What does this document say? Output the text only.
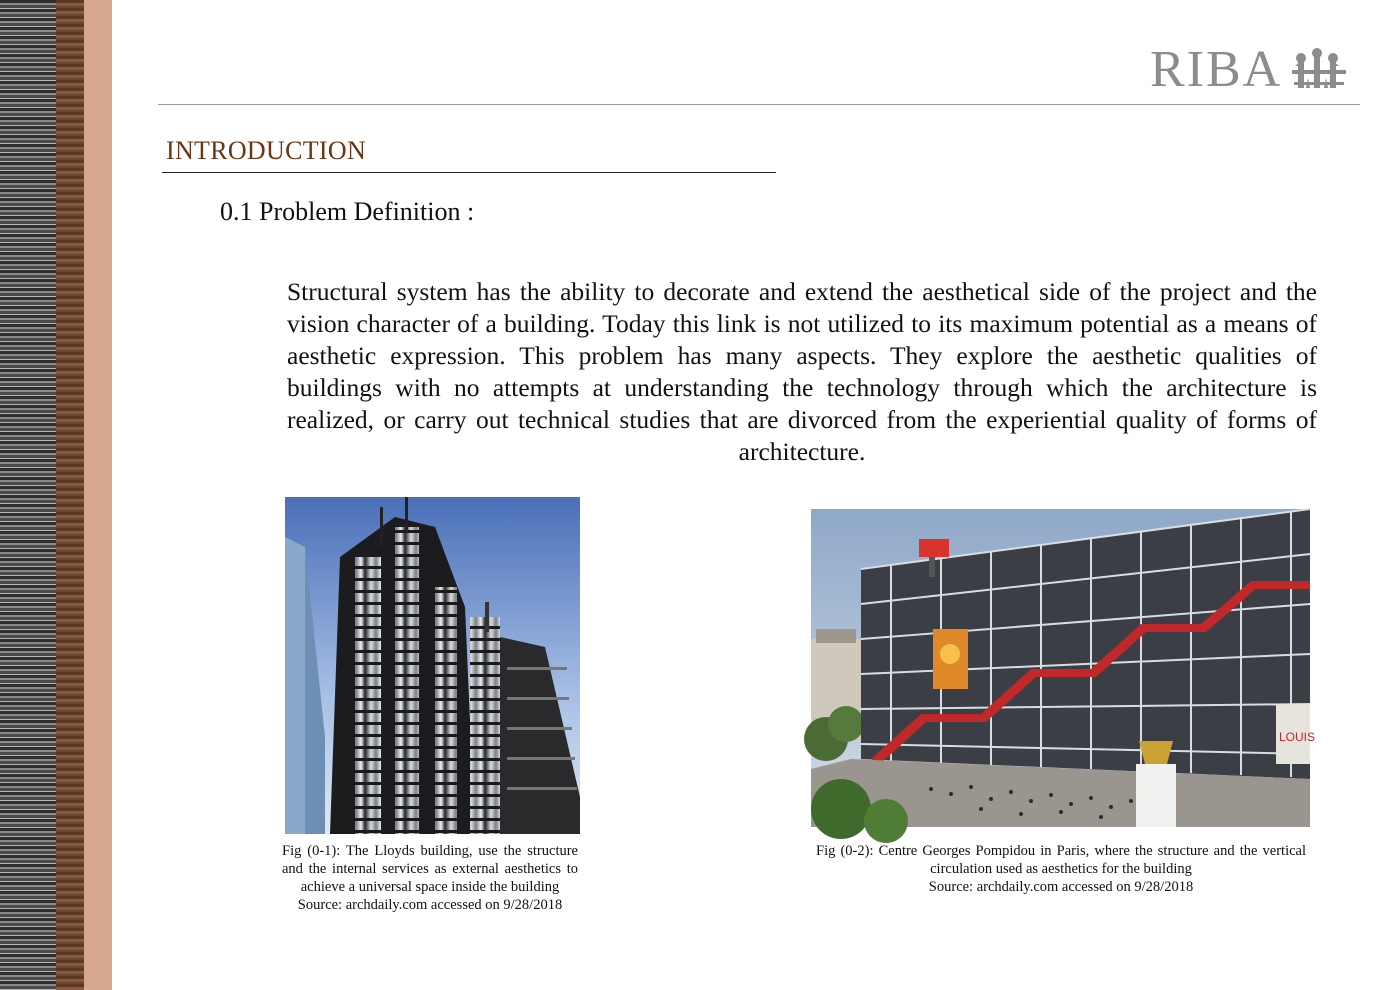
RIBA
INTRODUCTION
0.1 Problem Definition :
Structural system has the ability to decorate and extend the aesthetical side of the project and the vision character of a building. Today this link is not utilized to its maximum potential as a means of aesthetic expression. This problem has many aspects. They explore the aesthetic qualities of buildings with no attempts at understanding the technology through which the architecture is realized, or carry out technical studies that are divorced from the experiential quality of forms of architecture.
Fig (0-1): The Lloyds building, use the structure and the internal services as external aesthetics to achieve a universal space inside the building
Source: archdaily.com accessed on 9/28/2018
LOUIS
Fig (0-2): Centre Georges Pompidou in Paris, where the structure and the vertical circulation used as aesthetics for the building
Source: archdaily.com accessed on 9/28/2018
